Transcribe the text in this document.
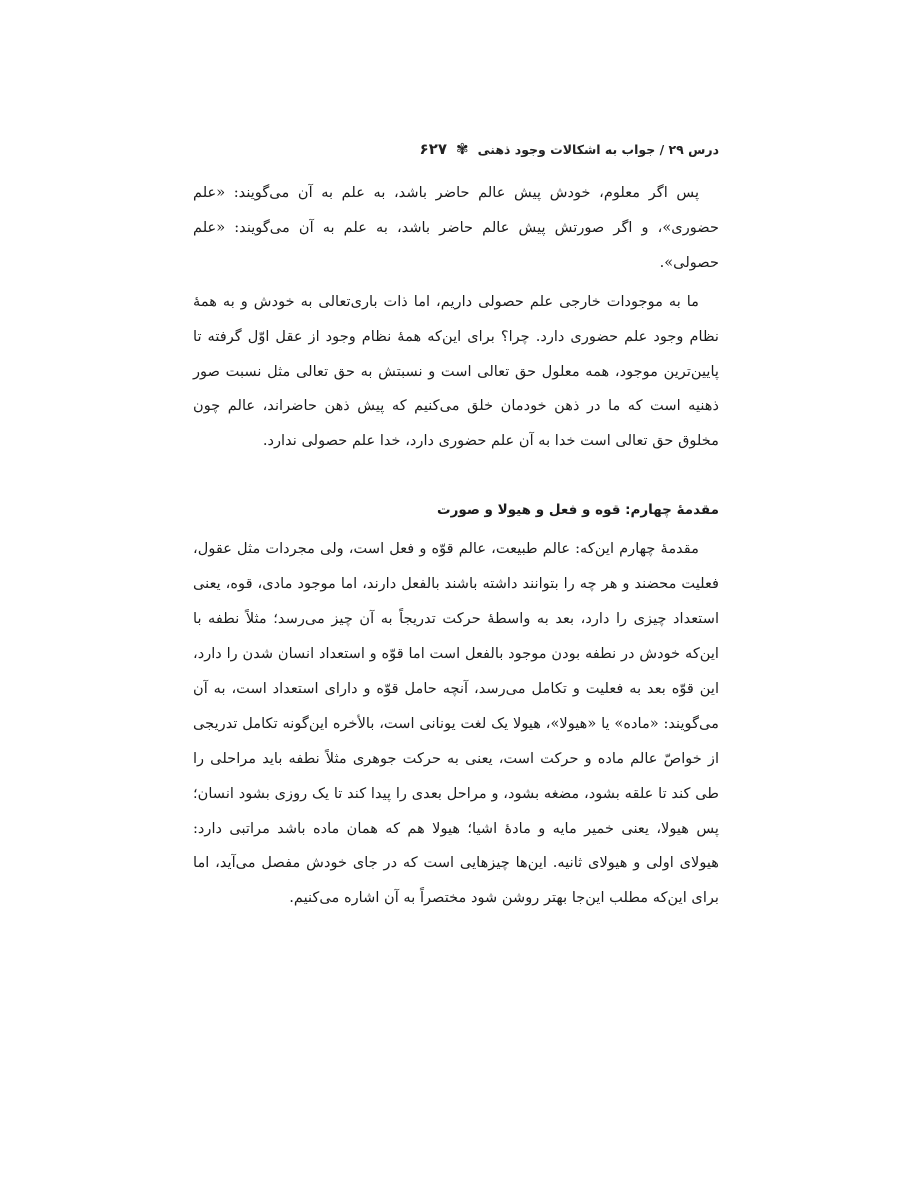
درس ۲۹ / جواب به اشکالات وجود ذهنی
✾
۶۲۷

پس اگر معلوم، خودش پیش عالم حاضر باشد، به علم به آن می‌گویند: «علم حضوری»، و اگر صورتش پیش عالم حاضر باشد، به علم به آن می‌گویند: «علم حصولی».

ما به موجودات خارجی علم حصولی داریم، اما ذات باری‌تعالی به خودش و به همهٔ نظام وجود علم حضوری دارد. چرا؟ برای این‌که همهٔ نظام وجود از عقل اوّل گرفته تا پایین‌ترین موجود، همه معلول حق تعالی است و نسبتش به حق تعالی مثل نسبت صور ذهنیه است که ما در ذهن خودمان خلق می‌کنیم که پیش ذهن حاضراند، عالم چون مخلوق حق تعالی است خدا به آن علم حضوری دارد، خدا علم حصولی ندارد.

مقدمهٔ چهارم: قوه و فعل و هیولا و صورت

مقدمهٔ چهارم این‌که: عالم طبیعت، عالم قوّه و فعل است، ولی مجردات مثل عقول، فعلیت محضند و هر چه را بتوانند داشته باشند بالفعل دارند، اما موجود مادی، قوه، یعنی استعداد چیزی را دارد، بعد به واسطهٔ حرکت تدریجاً به آن چیز می‌رسد؛ مثلاً نطفه با این‌که خودش در نطفه بودن موجود بالفعل است اما قوّه و استعداد انسان شدن را دارد، این قوّه بعد به فعلیت و تکامل می‌رسد، آنچه حامل قوّه و دارای استعداد است، به آن می‌گویند: «ماده» یا «هیولا»، هیولا یک لغت یونانی است، بالأخره این‌گونه تکامل تدریجی از خواصّ عالم ماده و حرکت است، یعنی به حرکت جوهری مثلاً نطفه باید مراحلی را طی کند تا علقه بشود، مضغه بشود، و مراحل بعدی را پیدا کند تا یک روزی بشود انسان؛ پس هیولا، یعنی خمیر مایه و مادهٔ اشیا؛ هیولا هم که همان ماده باشد مراتبی دارد: هیولای اولی و هیولای ثانیه. این‌ها چیزهایی است که در جای خودش مفصل می‌آید، اما برای این‌که مطلب این‌جا بهتر روشن شود مختصراً به آن اشاره می‌کنیم.
